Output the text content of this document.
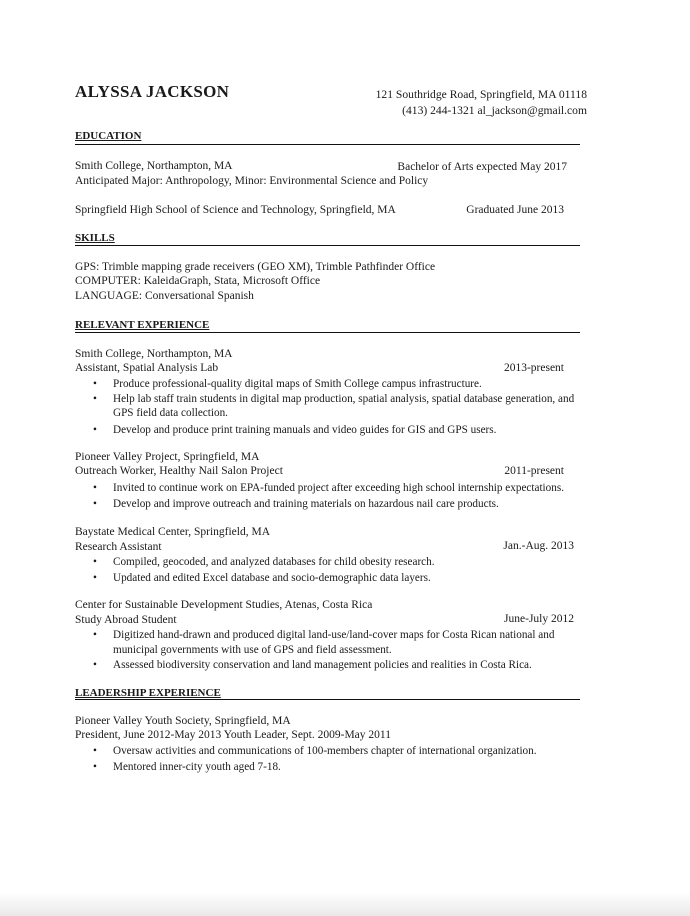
ALYSSA JACKSON	121 Southridge Road, Springfield, MA 01118
(413) 244-1321 al_jackson@gmail.com
EDUCATION
Smith College, Northampton, MA	Bachelor of Arts expected May 2017
Anticipated Major: Anthropology, Minor: Environmental Science and Policy
Springfield High School of Science and Technology, Springfield, MA	Graduated June 2013
SKILLS
GPS: Trimble mapping grade receivers (GEO XM), Trimble Pathfinder Office
COMPUTER: KaleidaGraph, Stata, Microsoft Office
LANGUAGE: Conversational Spanish
RELEVANT EXPERIENCE
Smith College, Northampton, MA
Assistant, Spatial Analysis Lab	2013-present
• Produce professional-quality digital maps of Smith College campus infrastructure.
• Help lab staff train students in digital map production, spatial analysis, spatial database generation, and
GPS field data collection.
• Develop and produce print training manuals and video guides for GIS and GPS users.
Pioneer Valley Project, Springfield, MA
Outreach Worker, Healthy Nail Salon Project	2011-present
• Invited to continue work on EPA-funded project after exceeding high school internship expectations.
• Develop and improve outreach and training materials on hazardous nail care products.
Baystate Medical Center, Springfield, MA
Research Assistant	Jan.-Aug. 2013
• Compiled, geocoded, and analyzed databases for child obesity research.
• Updated and edited Excel database and socio-demographic data layers.
Center for Sustainable Development Studies, Atenas, Costa Rica
Study Abroad Student	June-July 2012
• Digitized hand-drawn and produced digital land-use/land-cover maps for Costa Rican national and
municipal governments with use of GPS and field assessment.
• Assessed biodiversity conservation and land management policies and realities in Costa Rica.
LEADERSHIP EXPERIENCE
Pioneer Valley Youth Society, Springfield, MA
President, June 2012-May 2013 Youth Leader, Sept. 2009-May 2011
• Oversaw activities and communications of 100-members chapter of international organization.
• Mentored inner-city youth aged 7-18.
